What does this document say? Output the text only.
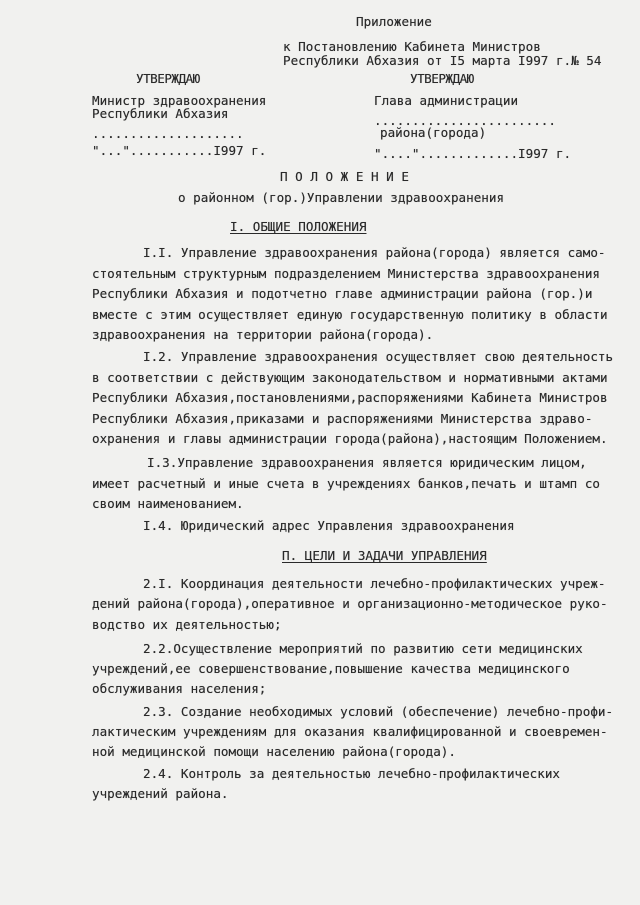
Приложение
к Постановлению Кабинета Министров
Республики Абхазия от I5 марта I997 г.№ 54
УТВЕРЖДАЮ
Министр здравоохранения
Республики Абхазия
....................
"..."...........I997 г.
УТВЕРЖДАЮ
Глава администрации
........................
района(города)
"....".............I997 г.
П О Л О Ж Е Н И Е
о районном (гор.)Управлении здравоохранения
I. ОБЩИЕ ПОЛОЖЕНИЯ
I.I. Управление здравоохранения района(города) является само-
стоятельным структурным подразделением Министерства здравоохранения
Республики Абхазия и подотчетно главе администрации района (гор.)и
вместе с этим осуществляет единую государственную политику в области
здравоохранения на территории района(города).
I.2. Управление здравоохранения осуществляет свою деятельность
в соответствии с действующим законодательством и нормативными актами
Республики Абхазия,постановлениями,распоряжениями Кабинета Министров
Республики Абхазия,приказами и распоряжениями Министерства здраво-
охранения и главы администрации города(района),настоящим Положением.
I.3.Управление здравоохранения является юридическим лицом,
имеет расчетный и иные счета в учреждениях банков,печать и штамп со
своим наименованием.
I.4. Юридический адрес Управления здравоохранения
П. ЦЕЛИ И ЗАДАЧИ УПРАВЛЕНИЯ
2.I. Координация деятельности лечебно-профилактических учреж-
дений района(города),оперативное и организационно-методическое руко-
водство их деятельностью;
2.2.Осуществление мероприятий по развитию сети медицинских
учреждений,ее совершенствование,повышение качества медицинского
обслуживания населения;
2.3. Создание необходимых условий (обеспечение) лечебно-профи-
лактическим учреждениям для оказания квалифицированной и своевремен-
ной медицинской помощи населению района(города).
2.4. Контроль за деятельностью лечебно-профилактических
учреждений района.
